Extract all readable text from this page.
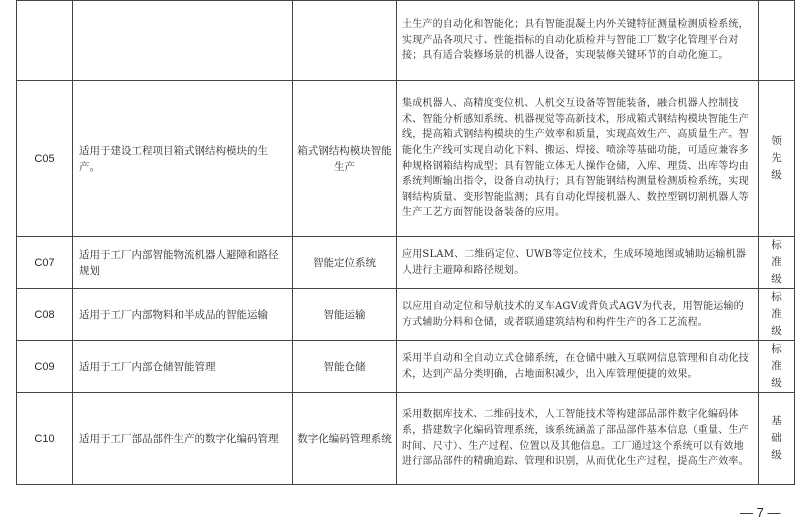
			土生产的自动化和智能化；具有智能混凝土内外关键特征测量检测质检系统，实现产品各项尺寸、性能指标的自动化质检并与智能工厂数字化管理平台对接；具有适合装修场景的机器人设备，实现装修关键环节的自动化施工。	
C05	适用于建设工程项目箱式钢结构模块的生产。	箱式钢结构模块智能生产	集成机器人、高精度变位机、人机交互设备等智能装备，融合机器人控制技术、智能分析感知系统、机器视觉等高新技术，形成箱式钢结构模块智能生产线，提高箱式钢结构模块的生产效率和质量，实现高效生产、高质量生产。智能化生产线可实现自动化下料、搬运、焊接、喷涂等基础功能，可适应兼容多种规格钢箱结构成型；具有智能立体无人操作仓储，入库、理货、出库等均由系统判断输出指令，设备自动执行；具有智能钢结构测量检测质检系统，实现钢结构质量、变形智能监测；具有自动化焊接机器人、数控型钢切割机器人等生产工艺方面智能设备装备的应用。	领先级
C07	适用于工厂内部智能物流机器人避障和路径规划	智能定位系统	应用SLAM、二维码定位、UWB等定位技术，生成环境地图或辅助运输机器人进行主避障和路径规划。	标准级
C08	适用于工厂内部物料和半成品的智能运输	智能运输	以应用自动定位和导航技术的叉车AGV或背负式AGV为代表，用智能运输的方式辅助分料和仓储，或者联通建筑结构和构件生产的各工艺流程。	标准级
C09	适用于工厂内部仓储智能管理	智能仓储	采用半自动和全自动立式仓储系统，在仓储中融入互联网信息管理和自动化技术，达到产品分类明确，占地面积减少，出入库管理便捷的效果。	标准级
C10	适用于工厂部品部件生产的数字化编码管理	数字化编码管理系统	采用数据库技术、二维码技术，人工智能技术等构建部品部件数字化编码体系，搭建数字化编码管理系统，该系统涵盖了部品部件基本信息（重量、生产时间、尺寸）、生产过程、位置以及其他信息。工厂通过这个系统可以有效地进行部品部件的精确追踪、管理和识别，从而优化生产过程，提高生产效率。	基础级
— 7 —
